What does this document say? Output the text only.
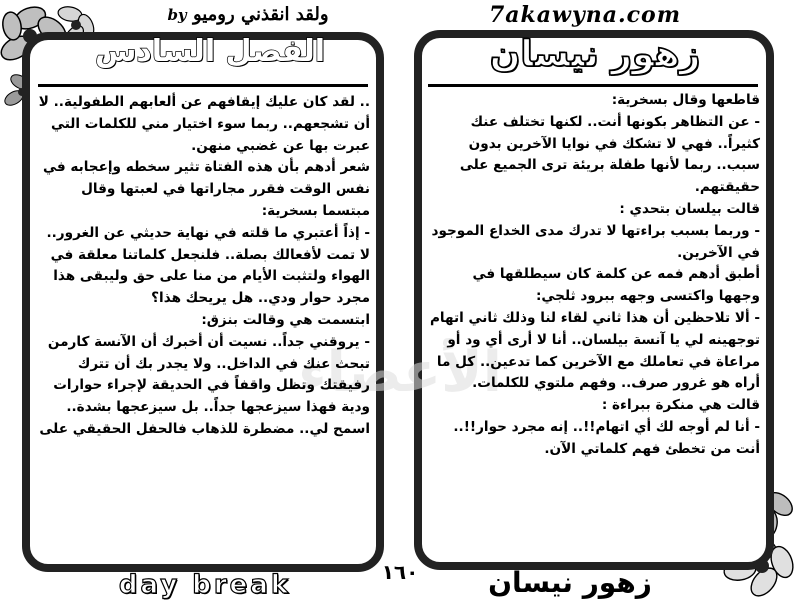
ولقد انقذني روميو by	7akawyna.com
الأعضاء
الفصل السادس	زهور نيسان

.. لقد كان عليك إيقافهم عن ألعابهم الطفولية.. لا أن تشجعهم.. ربما سوء اختيار مني للكلمات التي عبرت بها عن غضبي منهن.

شعر أدهم بأن هذه الفتاة تثير سخطه وإعجابه في نفس الوقت فقرر مجاراتها في لعبتها وقال مبتسما بسخرية:

- إذاً أعتبري ما قلته في نهاية حديثي عن الغرور.. لا تمت لأفعالك بصلة.. فلنجعل كلماتنا معلقة في الهواء ولتثبت الأيام من منا على حق وليبقى هذا مجرد حوار ودي.. هل يريحك هذا؟

ابتسمت هي وقالت بنزق:

- يروقني جداً.. نسيت أن أخبرك أن الآنسة كارمن تبحث عنك في الداخل.. ولا يجدر بك أن تترك رفيقتك وتظل واقفاً في الحديقة لإجراء حوارات ودية فهذا سيزعجها جداً.. بل سيزعجها بشدة.. اسمح لي.. مضطرة للذهاب فالحفل الحقيقي على

قاطعها وقال بسخرية:

- عن التظاهر بكونها أنت.. لكنها تختلف عنك كثيراً.. فهي لا تشكك في نوايا الآخرين بدون سبب.. ربما لأنها طفلة بريئة ترى الجميع على حقيقتهم.

قالت بيلسان بتحدي :

- وربما بسبب براءتها لا تدرك مدى الخداع الموجود في الآخرين.

أطبق أدهم فمه عن كلمة كان سيطلقها في وجهها واكتسى وجهه ببرود ثلجي:

- ألا تلاحظين أن هذا ثاني لقاء لنا وذلك ثاني اتهام توجهينه لي يا آنسة بيلسان.. أنا لا أرى أي ود أو مراعاة في تعاملك مع الآخرين كما تدعين.. كل ما أراه هو غرور صرف.. وفهم ملتوي للكلمات.

قالت هي منكرة ببراءة :

- أنا لم أوجه لك أي اتهام!!.. إنه مجرد حوار!!.. أنت من تخطئ فهم كلماتي الآن.

١٦٠
day break	زهور نيسان
